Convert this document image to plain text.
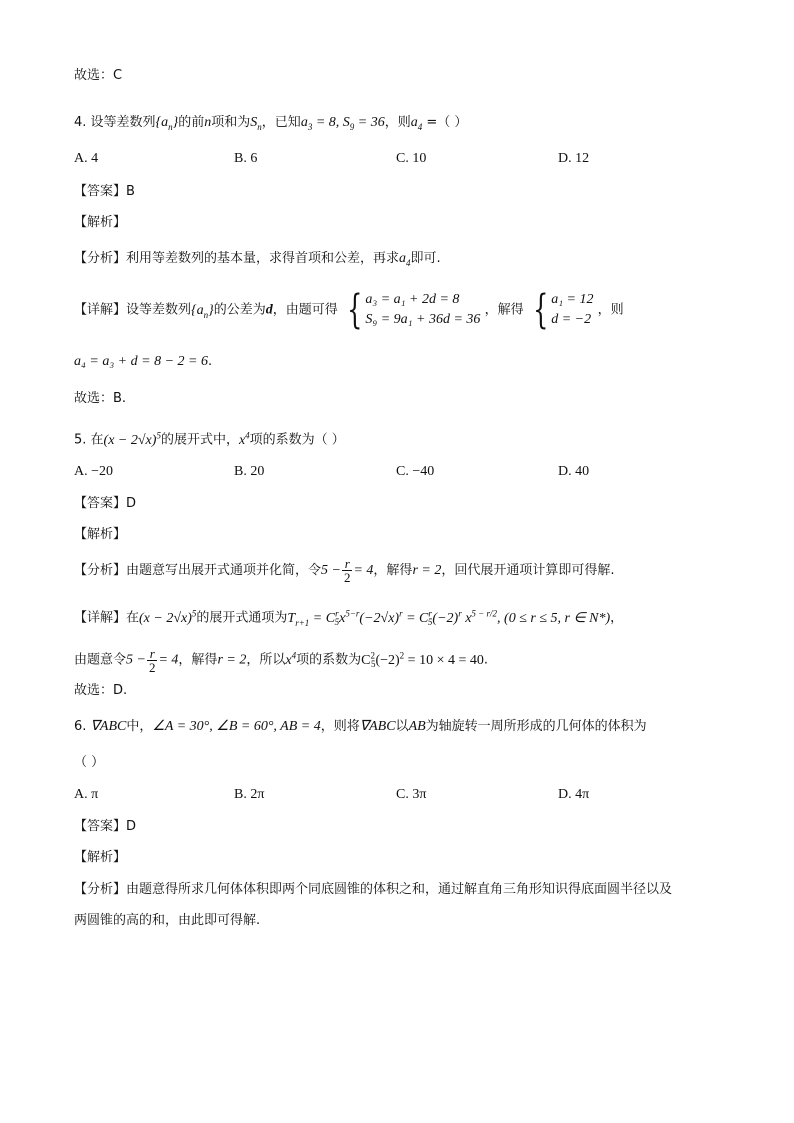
故选：C
4. 设等差数列$\{a_n\}$的前n项和为$S_n$，已知$a_3 = 8$, $S_9 = 36$，则$a_4$ =（ ）
A. 4	B. 6	C. 10	D. 12
【答案】B
【解析】
【分析】利用等差数列的基本量，求得首项和公差，再求$a_4$即可.
【详解】设等差数列$\{a_n\}$的公差为d，由题可得 { a₃ = a₁ + 2d = 8
S₉ = 9a₁ + 36d = 36
，解得 { a₁ = 12
d = −2
，则
a₄ = a₃ + d = 8 − 2 = 6.
故选：B.
5. 在$(x - 2√x)^5$的展开式中，$x^4$项的系数为（ ）
A. −20	B. 20	C. −40	D. 40
【答案】D
【解析】
【分析】由题意写出展开式通项并化简，令$5 - \frac{r}{2} = 4$，解得r = 2，回代展开通项计算即可得解.
【详解】在$(x - 2√x)^5$的展开式通项为$T_{r+1} = C^r_5x^{5-r}(-2√x)^r = C^r_5(-2)^r$ $x^{5 - r/2}$, (0 ≤ r ≤ 5, r ∈ N*)，
由题意令$5 - \frac{r}{2} = 4$，解得r = 2，所以$x^4$项的系数为$C^2_5(-2)^2 = 10 \times 4 = 40$.
故选：D.
6. ∇ABC中，∠A = 30°, ∠B = 60°, AB = 4，则将∇ABC以AB为轴旋转一周所形成的几何体的体积为
（ ）
A. π	B. 2π	C. 3π	D. 4π
【答案】D
【解析】
【分析】由题意得所求几何体体积即两个同底圆锥的体积之和，通过解直角三角形知识得底面圆半径以及
两圆锥的高的和，由此即可得解.
